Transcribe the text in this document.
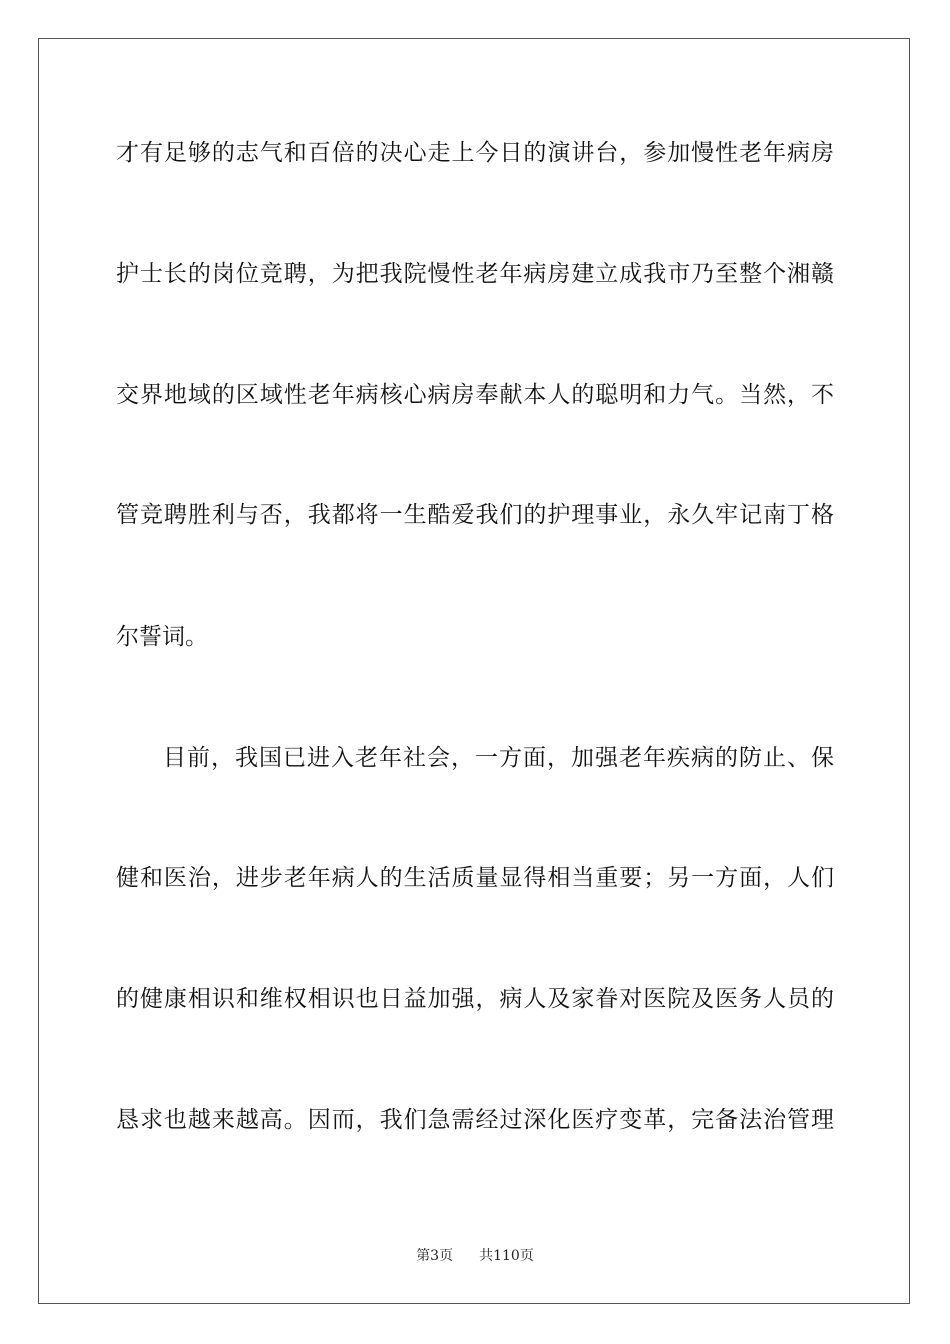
才有足够的志气和百倍的决心走上今日的演讲台，参加慢性老年病房
护士长的岗位竞聘，为把我院慢性老年病房建立成我市乃至整个湘赣
交界地域的区域性老年病核心病房奉献本人的聪明和力气。当然，不
管竞聘胜利与否，我都将一生酷爱我们的护理事业，永久牢记南丁格
尔誓词。
目前，我国已进入老年社会，一方面，加强老年疾病的防止、保
健和医治，进步老年病人的生活质量显得相当重要；另一方面，人们
的健康相识和维权相识也日益加强，病人及家眷对医院及医务人员的
恳求也越来越高。因而，我们急需经过深化医疗变革，完备法治管理
第3页 共110页
